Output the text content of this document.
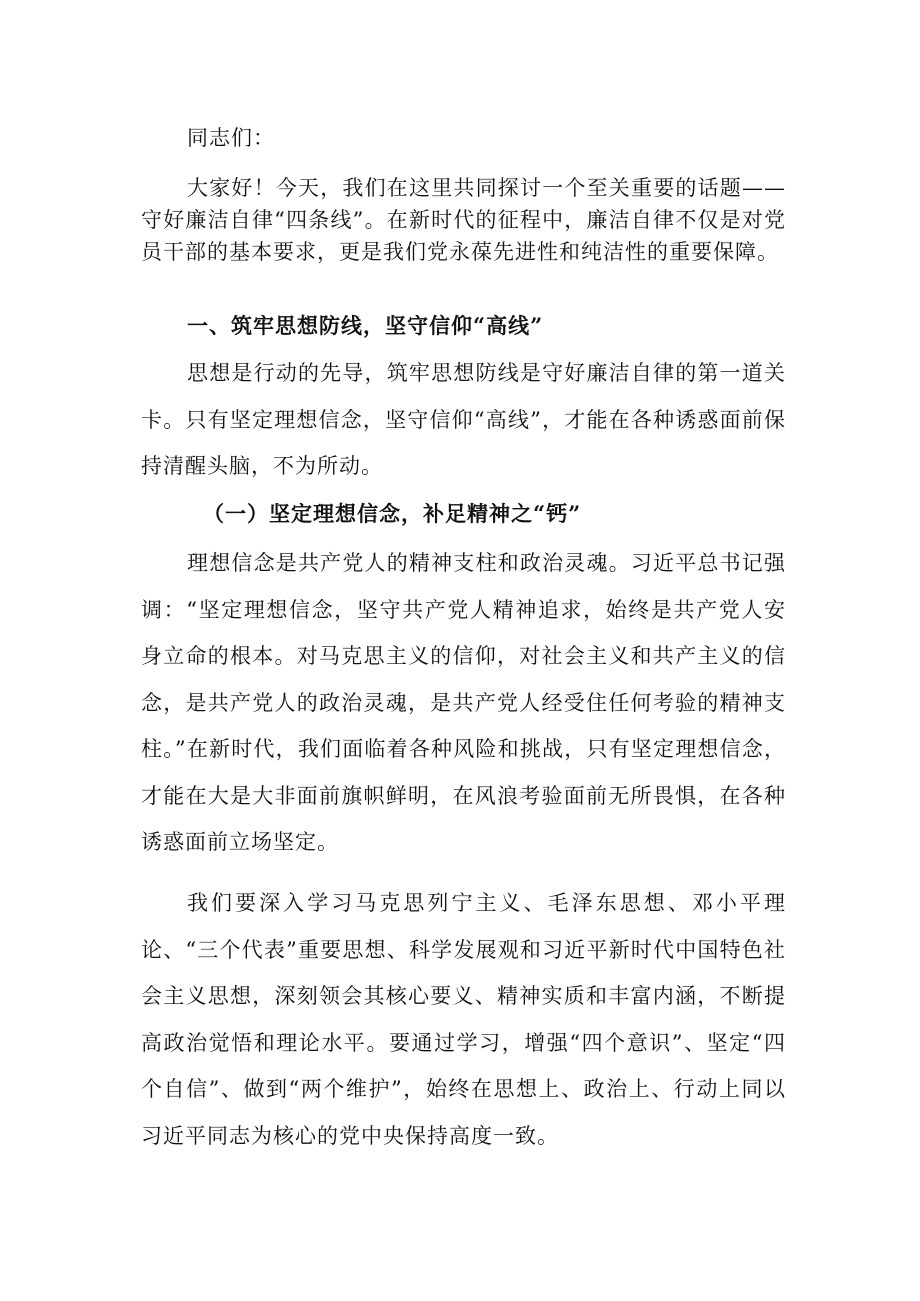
同志们：

大家好！今天，我们在这里共同探讨一个至关重要的话题——守好廉洁自律“四条线”。在新时代的征程中，廉洁自律不仅是对党员干部的基本要求，更是我们党永葆先进性和纯洁性的重要保障。

一、筑牢思想防线，坚守信仰“高线”

思想是行动的先导，筑牢思想防线是守好廉洁自律的第一道关卡。只有坚定理想信念，坚守信仰“高线”，才能在各种诱惑面前保持清醒头脑，不为所动。

（一）坚定理想信念，补足精神之“钙”

理想信念是共产党人的精神支柱和政治灵魂。习近平总书记强调：“坚定理想信念，坚守共产党人精神追求，始终是共产党人安身立命的根本。对马克思主义的信仰，对社会主义和共产主义的信念，是共产党人的政治灵魂，是共产党人经受住任何考验的精神支柱。”在新时代，我们面临着各种风险和挑战，只有坚定理想信念，才能在大是大非面前旗帜鲜明，在风浪考验面前无所畏惧，在各种诱惑面前立场坚定。

我们要深入学习马克思列宁主义、毛泽东思想、邓小平理论、“三个代表”重要思想、科学发展观和习近平新时代中国特色社会主义思想，深刻领会其核心要义、精神实质和丰富内涵，不断提高政治觉悟和理论水平。要通过学习，增强“四个意识”、坚定“四个自信”、做到“两个维护”，始终在思想上、政治上、行动上同以习近平同志为核心的党中央保持高度一致。
